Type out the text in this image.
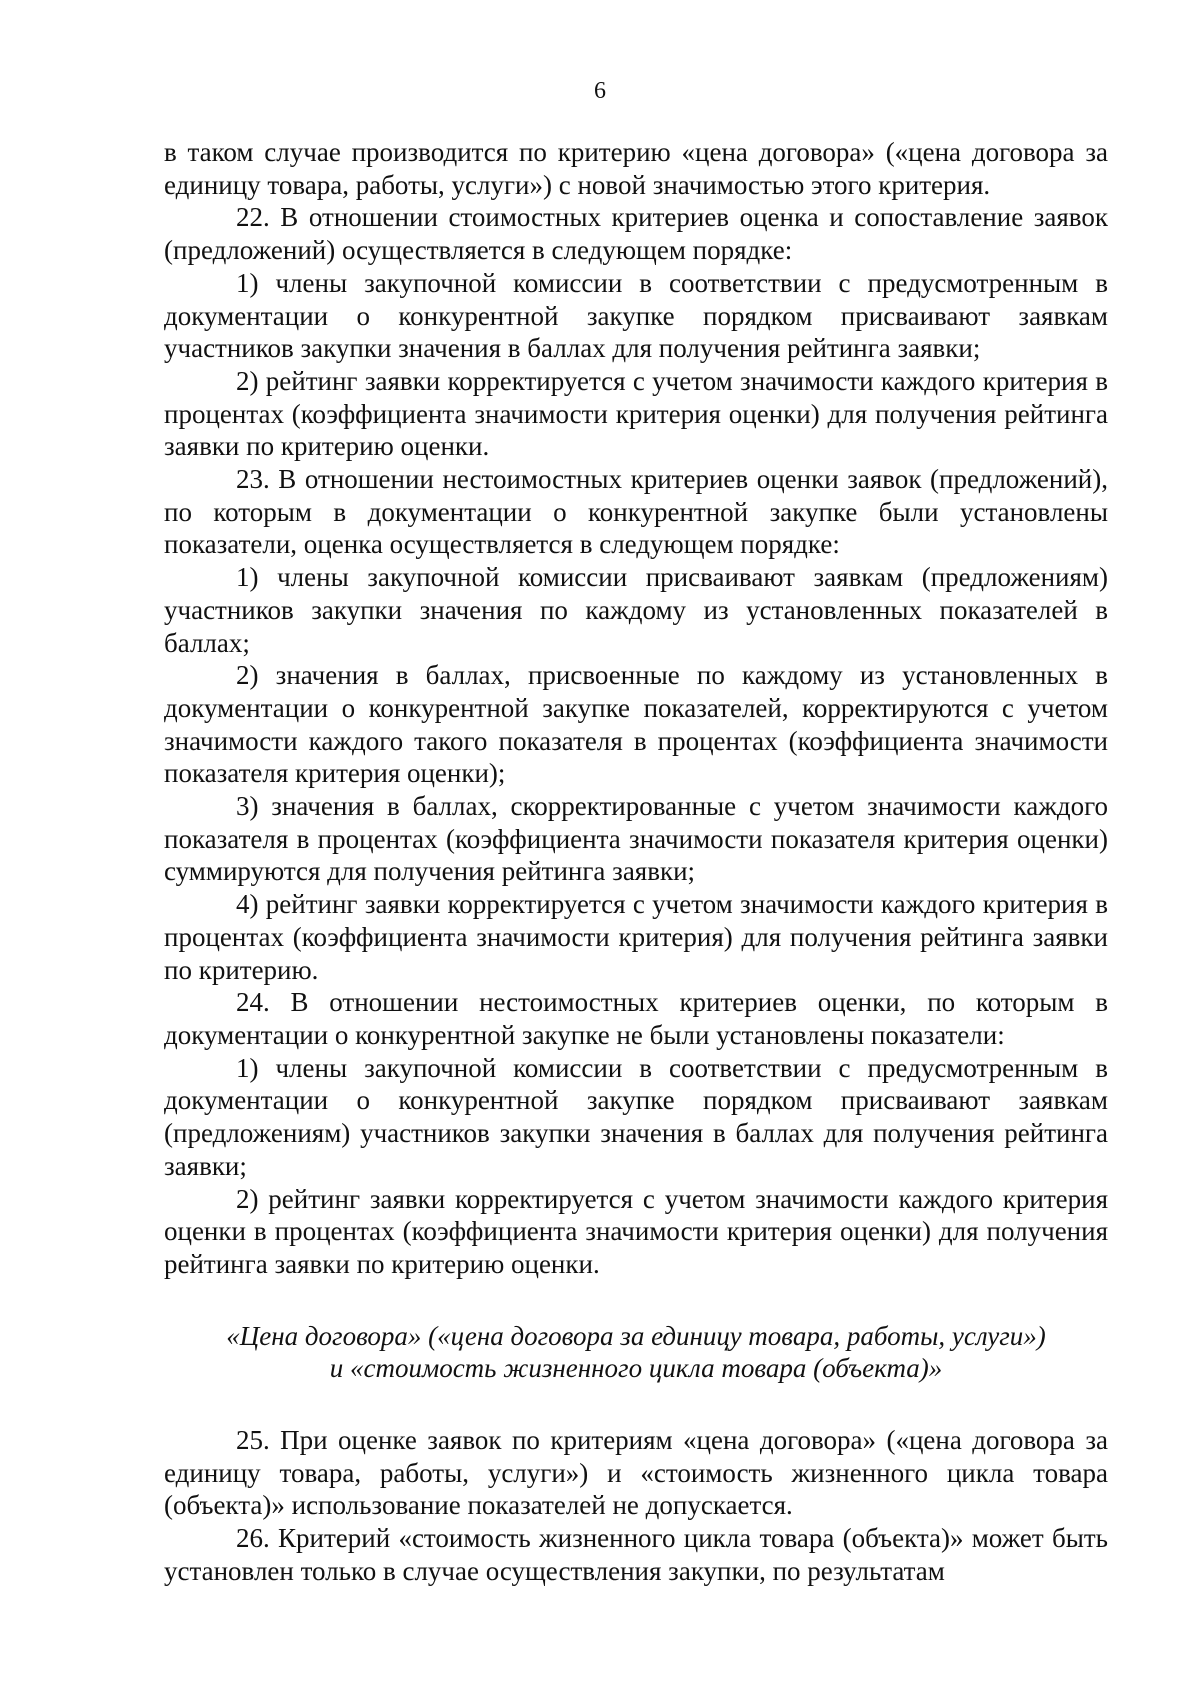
6

в таком случае производится по критерию «цена договора» («цена договора за единицу товара, работы, услуги») с новой значимостью этого критерия.

22. В отношении стоимостных критериев оценка и сопоставление заявок (предложений) осуществляется в следующем порядке:

1) члены закупочной комиссии в соответствии с предусмотренным в документации о конкурентной закупке порядком присваивают заявкам участников закупки значения в баллах для получения рейтинга заявки;

2) рейтинг заявки корректируется с учетом значимости каждого критерия в процентах (коэффициента значимости критерия оценки) для получения рейтинга заявки по критерию оценки.

23. В отношении нестоимостных критериев оценки заявок (предложений), по которым в документации о конкурентной закупке были установлены показатели, оценка осуществляется в следующем порядке:

1) члены закупочной комиссии присваивают заявкам (предложениям) участников закупки значения по каждому из установленных показателей в баллах;

2) значения в баллах, присвоенные по каждому из установленных в документации о конкурентной закупке показателей, корректируются с учетом значимости каждого такого показателя в процентах (коэффициента значимости показателя критерия оценки);

3) значения в баллах, скорректированные с учетом значимости каждого показателя в процентах (коэффициента значимости показателя критерия оценки) суммируются для получения рейтинга заявки;

4) рейтинг заявки корректируется с учетом значимости каждого критерия в процентах (коэффициента значимости критерия) для получения рейтинга заявки по критерию.

24. В отношении нестоимостных критериев оценки, по которым в документации о конкурентной закупке не были установлены показатели:

1) члены закупочной комиссии в соответствии с предусмотренным в документации о конкурентной закупке порядком присваивают заявкам (предложениям) участников закупки значения в баллах для получения рейтинга заявки;

2) рейтинг заявки корректируется с учетом значимости каждого критерия оценки в процентах (коэффициента значимости критерия оценки) для получения рейтинга заявки по критерию оценки.

«Цена договора» («цена договора за единицу товара, работы, услуги»)
и «стоимость жизненного цикла товара (объекта)»

25. При оценке заявок по критериям «цена договора» («цена договора за единицу товара, работы, услуги») и «стоимость жизненного цикла товара (объекта)» использование показателей не допускается.

26. Критерий «стоимость жизненного цикла товара (объекта)» может быть установлен только в случае осуществления закупки, по результатам
